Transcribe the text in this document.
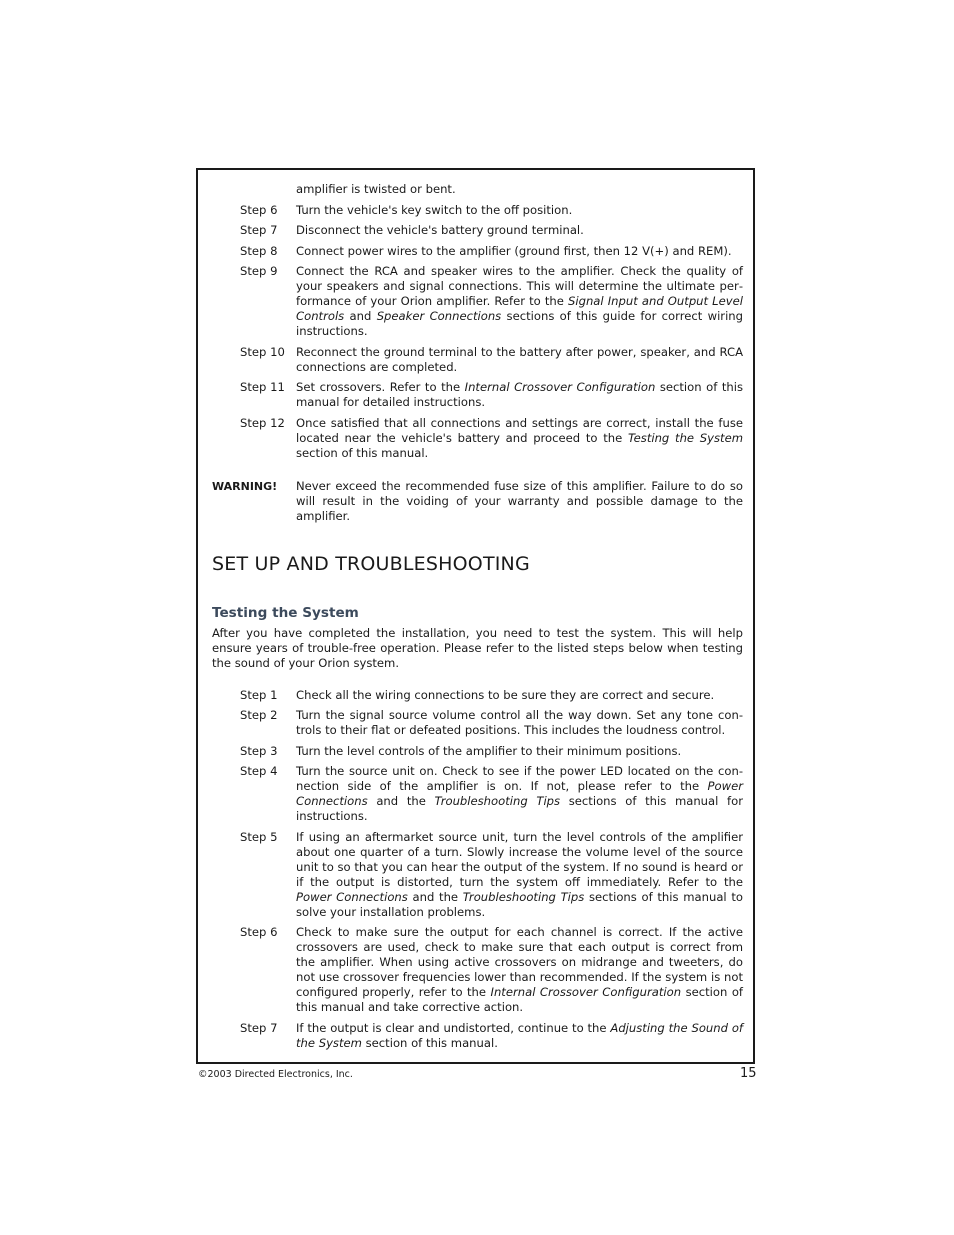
amplifier is twisted or bent.
Step 6	Turn the vehicle's key switch to the off position.
Step 7	Disconnect the vehicle's battery ground terminal.
Step 8	Connect power wires to the amplifier (ground first, then 12 V(+) and REM).
Step 9	Connect the RCA and speaker wires to the amplifier. Check the quality of your speakers and signal connections. This will determine the ultimate performance of your Orion amplifier. Refer to the Signal Input and Output Level Controls and Speaker Connections sections of this guide for correct wiring instructions.
Step 10 Reconnect the ground terminal to the battery after power, speaker, and RCA connections are completed.
Step 11 Set crossovers. Refer to the Internal Crossover Configuration section of this manual for detailed instructions.
Step 12 Once satisfied that all connections and settings are correct, install the fuse located near the vehicle's battery and proceed to the Testing the System section of this manual.
WARNING!	Never exceed the recommended fuse size of this amplifier. Failure to do so will result in the voiding of your warranty and possible damage to the amplifier.
SET UP AND TROUBLESHOOTING
Testing the System
After you have completed the installation, you need to test the system. This will help ensure years of trouble-free operation. Please refer to the listed steps below when testing the sound of your Orion system.
Step 1	Check all the wiring connections to be sure they are correct and secure.
Step 2	Turn the signal source volume control all the way down. Set any tone controls to their flat or defeated positions. This includes the loudness control.
Step 3	Turn the level controls of the amplifier to their minimum positions.
Step 4	Turn the source unit on. Check to see if the power LED located on the connection side of the amplifier is on. If not, please refer to the Power Connections and the Troubleshooting Tips sections of this manual for instructions.
Step 5	If using an aftermarket source unit, turn the level controls of the amplifier about one quarter of a turn. Slowly increase the volume level of the source unit to so that you can hear the output of the system. If no sound is heard or if the output is distorted, turn the system off immediately. Refer to the Power Connections and the Troubleshooting Tips sections of this manual to solve your installation problems.
Step 6	Check to make sure the output for each channel is correct. If the active crossovers are used, check to make sure that each output is correct from the amplifier. When using active crossovers on midrange and tweeters, do not use crossover frequencies lower than recommended. If the system is not configured properly, refer to the Internal Crossover Configuration section of this manual and take corrective action.
Step 7	If the output is clear and undistorted, continue to the Adjusting the Sound of the System section of this manual.
©2003 Directed Electronics, Inc.	15
